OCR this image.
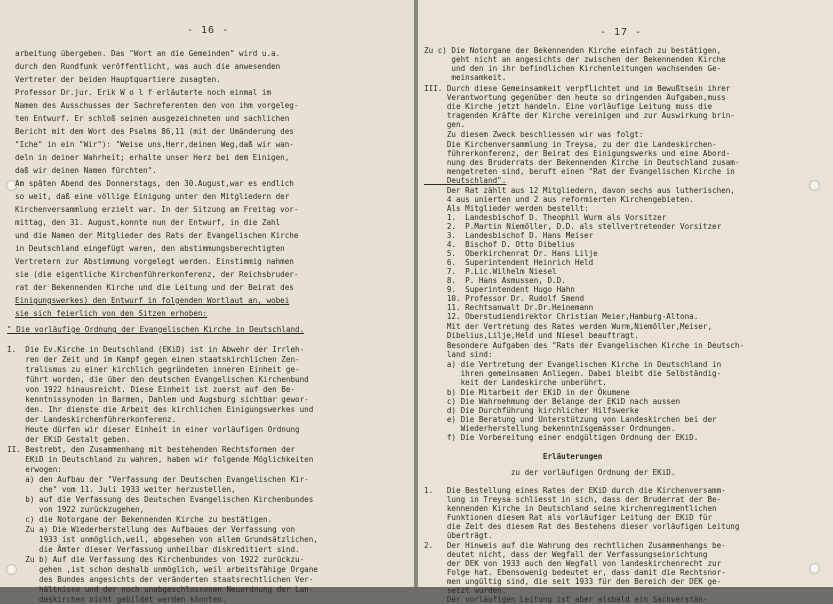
- 16 -
arbeitung übergeben. Das "Wort an die Gemeinden" wird u.a.
durch den Rundfunk veröffentlicht, was auch die anwesenden
Vertreter der beiden Hauptquartiere zusagten.
Professor Dr.jur. Erik W o l f erläuterte noch einmal im
Namen des Ausschusses der Sachreferenten den von ihm vorgeleg-
ten Entwurf. Er schloß seinen ausgezeichneten und sachlichen
Bericht mit dem Wort des Psalms 86,11 (mit der Umänderung des
"Iche" in ein "Wir"): "Weise uns,Herr,deinen Weg,daß wir wan-
deln in deiner Wahrheit; erhalte unser Herz bei dem Einigen,
daß wir deinen Namen fürchten".
Am späten Abend des Donnerstags, den 30.August,war es endlich
so weit, daß eine völlige Einigung unter den Mitgliedern der
Kirchenversammlung erzielt war. In der Sitzung am Freitag vor-
mittag, den 31. August,konnte nun der Entwurf, in die Zahl
und die Namen der Mitglieder des Rats der Evangelischen Kirche
in Deutschland eingefügt waren, den abstimmungsberechtigten
Vertretern zur Abstimmung vorgelegt werden. Einstimmig nahmen
sie (die eigentliche Kirchenführerkonferenz, der Reichsbruder-
rat der Bekennenden Kirche und die Leitung und der Beirat des
Einigungswerkes) den Entwurf in folgenden Wortlaut an, wobei
sie sich feierlich von den Sitzen erhoben:
" Die vorläufige Ordnung der Evangelischen Kirche in Deutschland.
I.  Die Ev.Kirche in Deutschland (EKiD) ist in Abwehr der Irrleh-
ren der Zeit und im Kampf gegen einen staatskirchlichen Zen-
tralismus zu einer kirchlich gegründeten inneren Einheit ge-
führt worden, die über den deutschen Evangelischen Kirchenbund
von 1922 hinausreicht. Diese Einheit ist zuerst auf den Be-
kenntnissynoden in Barmen, Dahlem und Augsburg sichtbar gewor-
den. Ihr dienste die Arbeit des kirchlichen Einigungswerkes und
der Landeskirchenführerkonferenz.
Heute dürfen wir dieser Einheit in einer vorläufigen Ordnung
der EKiD Gestalt geben.
II. Bestrebt, den Zusammenhang mit bestehenden Rechtsformen der
EKiD in Deutschland zu wahren, haben wir folgende Möglichkeiten
erwogen:
a) den Aufbau der "Verfassung der Deutschen Evangelischen Kir-
che" vom 11. Juli 1933 weiter herzustellen,
b) auf die Verfassung des Deutschen Evangelischen Kirchenbundes
von 1922 zurückzugehen,
c) die Notorgane der Bekennenden Kirche zu bestätigen.
Zu a) Die Wiederherstellung des Aufbaues der Verfassung von
1933 ist unmöglich,weil, abgesehen von allem Grundsätzlichen,
die Ämter dieser Verfassung unheilbar diskreditiert sind.
Zu b) Auf die Verfassung des Kirchenbundes von 1922 zurückzu-
gehen ,ist schon deshalb unmöglich, weil arbeitsfähige Organe
des Bundes angesichts der veränderten staatsrechtlichen Ver-
hältnisse und der noch unabgeschlossenen Neuordnung der Lan-
deskirchen nicht gebildet werden könnten.
- 17 -
Zu c) Die Notorgane der Bekennenden Kirche einfach zu bestätigen,
geht nicht an angesichts der zwischen der Bekennenden Kirche
und den in ihr befindlichen Kirchenleitungen wachsenden Ge-
meinsamkeit.
III. Durch diese Gemeinsamkeit verpflichtet und im Bewußtsein ihrer
Verantwortung gegenüber den heute so dringenden Aufgaben,muss
die Kirche jetzt handeln. Eine vorläufige Leitung muss die
tragenden Kräfte der Kirche vereinigen und zur Auswirkung brin-
gen.
Zu diesem Zweck beschliessen wir was folgt:
Die Kirchenversammlung in Treysa, zu der die Landeskirchen-
führerkonferenz, der Beirat des Einigungswerks und eine Abord-
nung des Bruderrats der Bekennenden Kirche in Deutschland zusam-
mengetreten sind, beruft einen "Rat der Evangelischen Kirche in
Deutschland".
Der Rat zählt aus 12 Mitgliedern, davon sechs aus lutherischen,
4 aus unierten und 2 aus reformierten Kirchengebieten.
Als Mitglieder werden bestellt:
1.  Landesbischof D. Theophil Wurm als Vorsitzer
2.  P.Martin Niemöller, D.D. als stellvertretender Vorsitzer
3.  Landesbischof D. Hans Meiser
4.  Bischof D. Otto Dibelius
5.  Oberkirchenrat Dr. Hans Lilje
6.  Superintendent Heinrich Held
7.  P.Lic.Wilhelm Niesel
8.  P. Hans Asmussen, D.D.
9.  Superintendent Hugo Hahn
10. Professor Dr. Rudolf Smend
11. Rechtsanwalt Dr.Dr.Heinemann
12. Oberstudiendirektor Christian Meier,Hamburg-Altona.
Mit der Vertretung des Rates werden Wurm,Niemöller,Meiser,
Dibelius,Lilje,Held und Niesel beauftragt.
Besondere Aufgaben des "Rats der Evangelischen Kirche in Deutsch-
land sind:
a) die Vertretung der Evangelischen Kirche in Deutschland in
ihren gemeinsamen Anliegen. Dabei bleibt die Selbständig-
keit der Landeskirche unberührt.
b) Die Mitarbeit der EKiD in der Ökumene
c) Die Wahrnehmung der Belange der EKiD nach aussen
d) Die Durchführung kirchlicher Hilfswerke
e) Die Beratung und Unterstützung von Landeskirchen bei der
Wiederherstellung bekenntnisgemässer Ordnungen.
f) Die Vorbereitung einer endgültigen Ordnung der EKiD.
Erläuterungen
zu der vorläufigen Ordnung der EKiD.
1.   Die Bestellung eines Rates der EKiD durch die Kirchenversamm-
lung in Treysa schliesst in sich, dass der Bruderrat der Be-
kennenden Kirche in Deutschland seine kirchenregimentlichen
Funktionen diesem Rat als vorläufiger Leitung der EKiD für
die Zeit des diesem Rat des Bestehens dieser vorläufigen Leitung
überträgt.
2.   Der Hinweis auf die Wahrung des rechtlichen Zusammenhangs be-
deutet nicht, dass der Wegfall der Verfassungseinrichtung
der DEK von 1933 auch den Wegfall von landeskirchenrecht zur
Folge hat. Ebensowenig bedeutet er, dass damit die Rechtsnor-
men ungültig sind, die seit 1933 für den Bereich der DEK ge-
setzt wurden.
Der vorläufigen Leitung ist aber alsbald ein Sachverstän-
